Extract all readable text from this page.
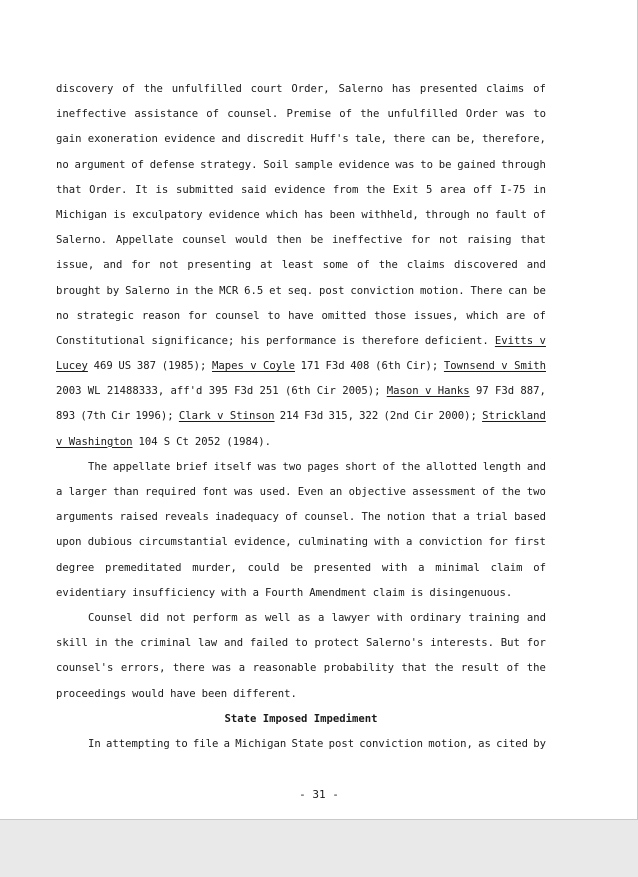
discovery of the unfulfilled court Order, Salerno has presented claims of
ineffective assistance of counsel. Premise of the unfulfilled Order was to
gain exoneration evidence and discredit Huff's tale, there can be, therefore,
no argument of defense strategy. Soil sample evidence was to be gained through
that Order. It is submitted said evidence from the Exit 5 area off I-75 in
Michigan is exculpatory evidence which has been withheld, through no fault of
Salerno. Appellate counsel would then be ineffective for not raising that
issue, and for not presenting at least some of the claims discovered and
brought by Salerno in the MCR 6.5 et seq. post conviction motion. There can be
no strategic reason for counsel to have omitted those issues, which are of
Constitutional significance; his performance is therefore deficient. Evitts v
Lucey 469 US 387 (1985); Mapes v Coyle 171 F3d 408 (6th Cir); Townsend v Smith
2003 WL 21488333, aff'd 395 F3d 251 (6th Cir 2005); Mason v Hanks 97 F3d 887,
893 (7th Cir 1996); Clark v Stinson 214 F3d 315, 322 (2nd Cir 2000); Strickland
v Washington 104 S Ct 2052 (1984).
The appellate brief itself was two pages short of the allotted length and
a larger than required font was used. Even an objective assessment of the two
arguments raised reveals inadequacy of counsel. The notion that a trial based
upon dubious circumstantial evidence, culminating with a conviction for first
degree premeditated murder, could be presented with a minimal claim of
evidentiary insufficiency with a Fourth Amendment claim is disingenuous.
Counsel did not perform as well as a lawyer with ordinary training and
skill in the criminal law and failed to protect Salerno's interests. But for
counsel's errors, there was a reasonable probability that the result of the
proceedings would have been different.
State Imposed Impediment
In attempting to file a Michigan State post conviction motion, as cited by
- 31 -
